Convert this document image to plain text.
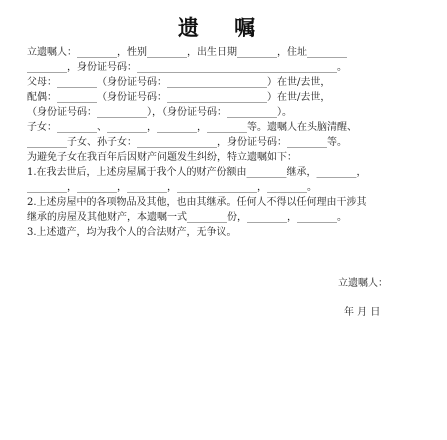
遗 嘱
立遗嘱人：________，性别________，出生日期________，住址________
________，身份证号码：________________________________________。
父母：________（身份证号码：____________________）在世/去世，
配偶：________（身份证号码：____________________）在世/去世，
（身份证号码：__________），（身份证号码：__________）。
子女：________、________，________，________等。遗嘱人在头脑清醒、
________子女、孙子女：________________，身份证号码：________等。
为避免子女在我百年后因财产问题发生纠纷，特立遗嘱如下：
1.在我去世后，上述房屋属于我个人的财产份额由________继承，________，
________，________，________，________________，________。
2.上述房屋中的各项物品及其他，也由其继承。任何人不得以任何理由干涉其
继承的房屋及其他财产，本遗嘱一式________份，________，________。
3.上述遗产，均为我个人的合法财产，无争议。
立遗嘱人：
年 月 日
